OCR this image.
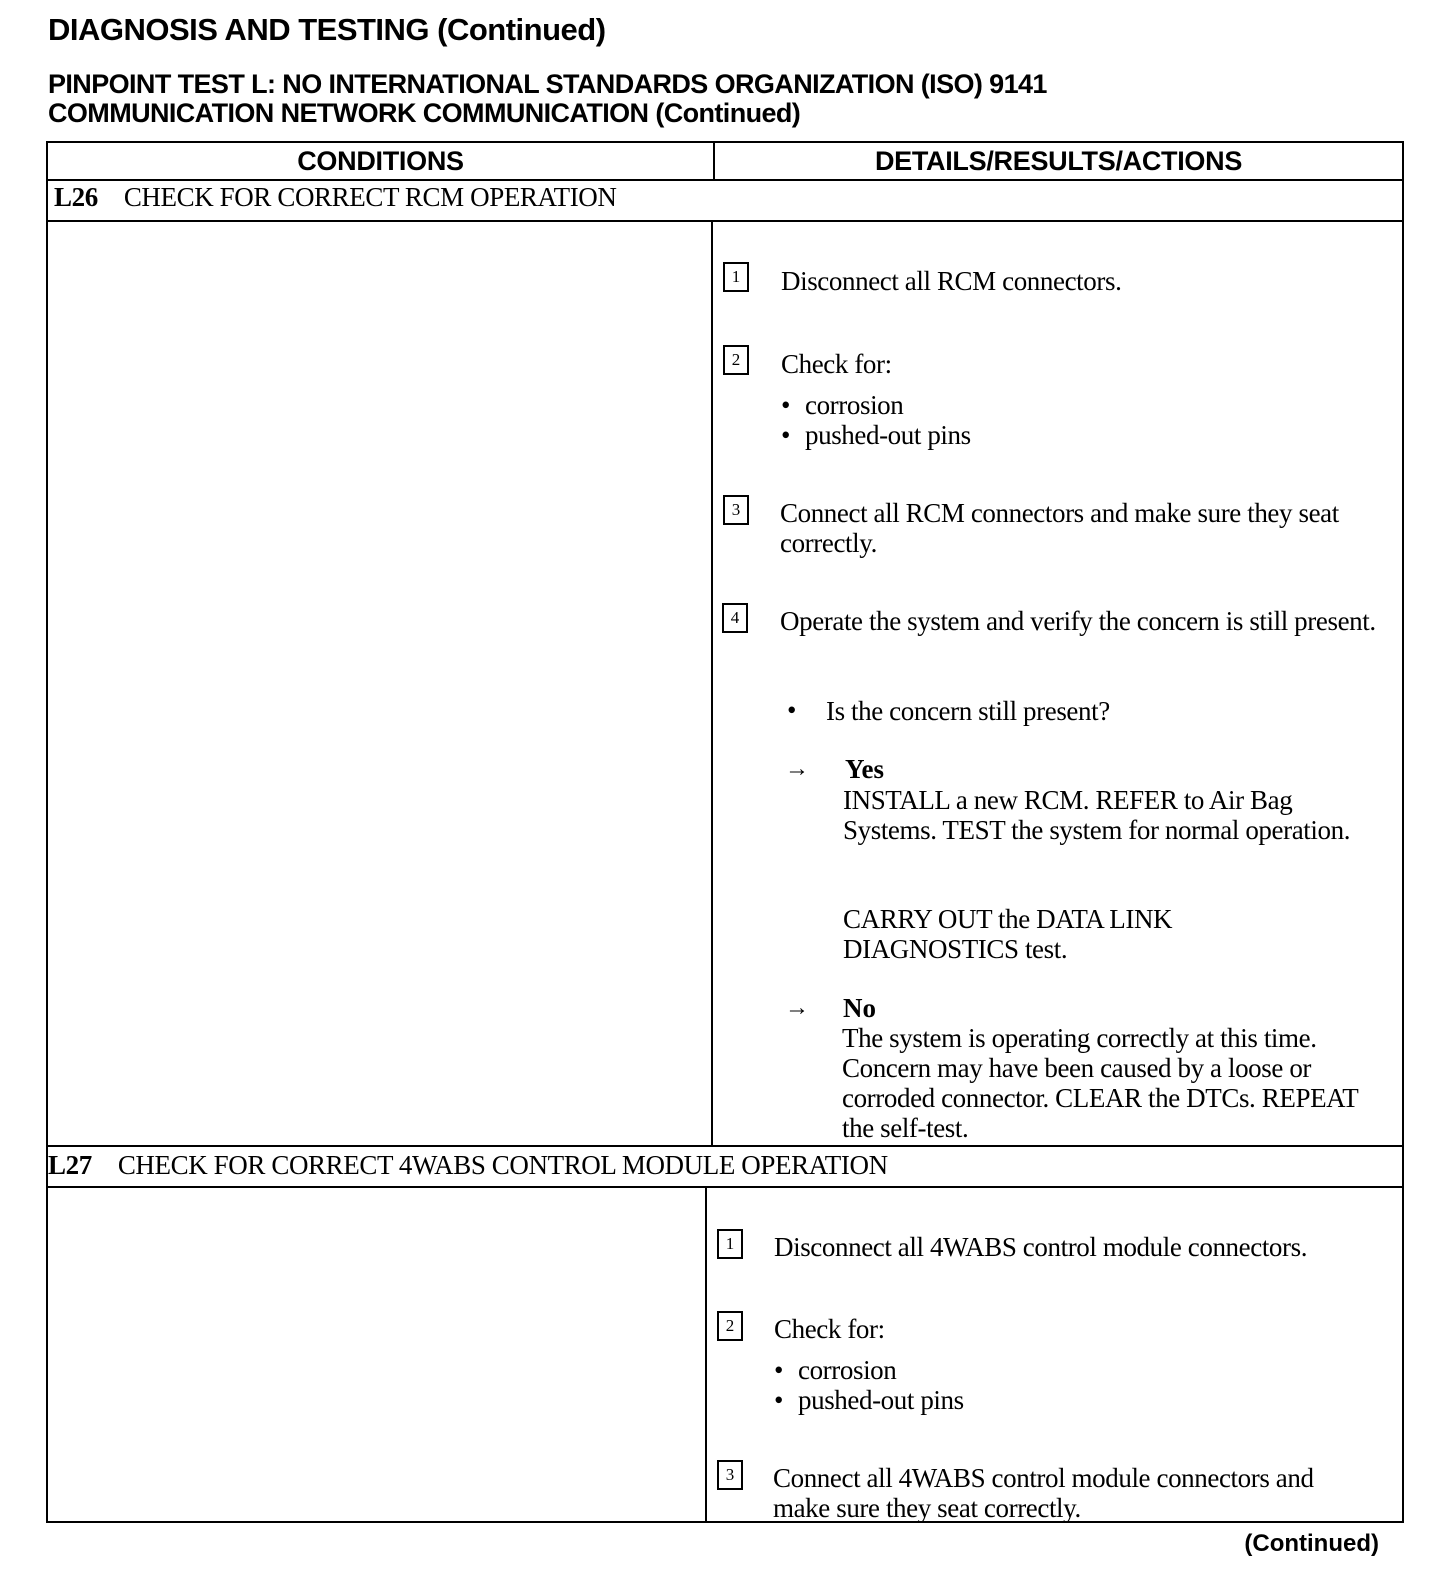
DIAGNOSIS AND TESTING (Continued)
PINPOINT TEST L: NO INTERNATIONAL STANDARDS ORGANIZATION (ISO) 9141
COMMUNICATION NETWORK COMMUNICATION (Continued)
CONDITIONS	DETAILS/RESULTS/ACTIONS
L26 CHECK FOR CORRECT RCM OPERATION
1	Disconnect all RCM connectors.
2	Check for:
• corrosion
• pushed-out pins
3	Connect all RCM connectors and make sure they seat correctly.
4	Operate the system and verify the concern is still present.
• Is the concern still present?
→ Yes
INSTALL a new RCM. REFER to Air Bag Systems. TEST the system for normal operation.
CARRY OUT the DATA LINK DIAGNOSTICS test.
→ No
The system is operating correctly at this time. Concern may have been caused by a loose or corroded connector. CLEAR the DTCs. REPEAT the self-test.
L27 CHECK FOR CORRECT 4WABS CONTROL MODULE OPERATION
1	Disconnect all 4WABS control module connectors.
2	Check for:
• corrosion
• pushed-out pins
3	Connect all 4WABS control module connectors and make sure they seat correctly.
(Continued)
